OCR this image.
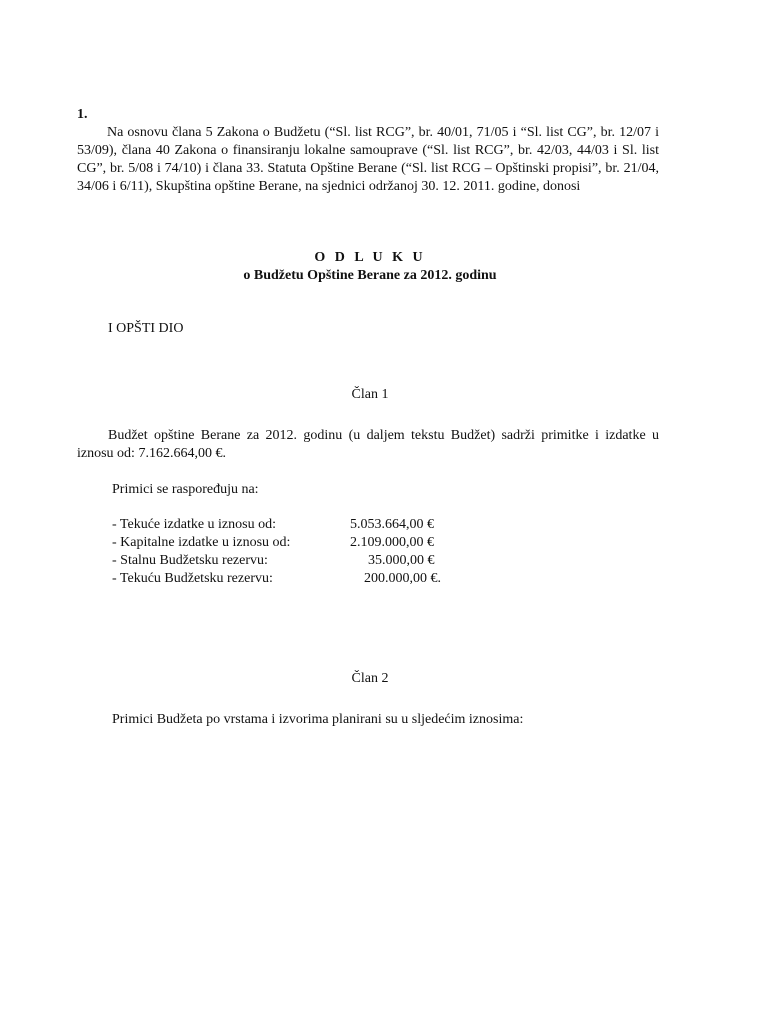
1.
Na osnovu člana 5 Zakona o Budžetu (“Sl. list RCG”, br. 40/01, 71/05 i “Sl. list CG”, br. 12/07 i 53/09), člana 40 Zakona o finansiranju lokalne samouprave (“Sl. list RCG”, br. 42/03, 44/03 i Sl. list CG”, br. 5/08 i 74/10) i člana 33. Statuta Opštine Berane (“Sl. list RCG – Opštinski propisi”, br. 21/04, 34/06 i 6/11), Skupština opštine Berane, na sjednici održanoj 30. 12. 2011. godine, donosi
O D L U K U
o Budžetu Opštine Berane za 2012. godinu
I OPŠTI DIO
Član 1
Budžet opštine Berane za 2012. godinu (u daljem tekstu Budžet) sadrži primitke i izdatke u iznosu od: 7.162.664,00 €.
Primici se raspoređuju na:
- Tekuće izdatke u iznosu od:	5.053.664,00 €
- Kapitalne izdatke u iznosu od:	2.109.000,00 €
- Stalnu Budžetsku rezervu:	35.000,00 €
- Tekuću Budžetsku rezervu:	200.000,00 €.
Član 2
Primici Budžeta po vrstama i izvorima planirani su u sljedećim iznosima:
